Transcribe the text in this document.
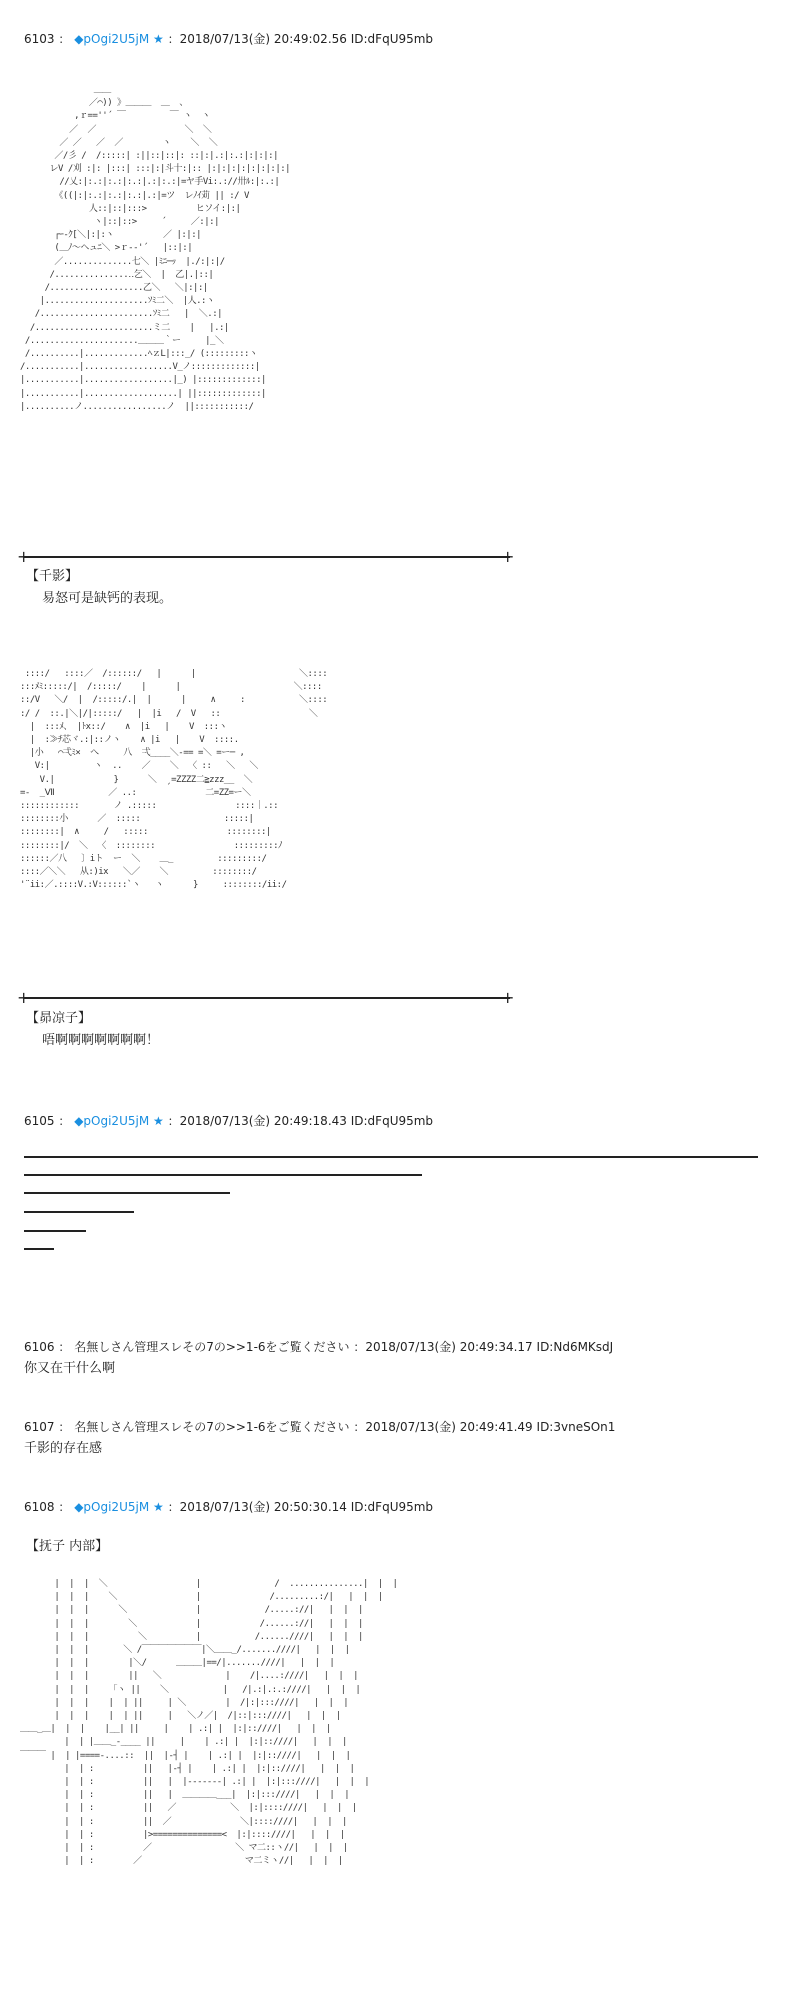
6103 ： ◆pOgi2U5jM ★ ：2018/07/13(金) 20:49:02.56 ID:dFqU95mb
＿＿
／⌒)) 》＿＿＿  ＿  、
,ｒ==''´ ￣         ￣ ヽ  ヽ
／  ／                  ＼  ＼
／ ／   ／  ／        ヽ    ＼  ＼
／/彡 /  /:::::| :||::|::|: ::|:|.:|:.:|:|:|:|
レV /刈 :|: |:::| :::|:|斗十:|:: |:|:|:|:|:|:|:|:|
//乂:|:.:|:.:|:.:|.:|:.:|=ヤ手Vi:.://卅ﾙ:|:.:|
《((|:|:.:|:.:|:.:|.:|=ツ  レﾉｲ苅 || :/ V
人::|::|:::>          ヒソイ:|:|
ヽ|::|::>     ´     ／:|:|
┌ｰ‐ｸ[＼|:|:ヽ          ／ |:|:|
(＿ﾉ～ヘュﾆ＼ >ｒ-‐'´   |::|:|
／..............七＼ |ﾐﾆ─ｯ  |./:|:|/
/...............‥乞＼  |  乙|.|::|
/...................乙＼   ＼|:|:|
|.....................ｿﾐ二＼  |人.:ヽ
/.......................ｿﾐ二   |  ＼.:|
/........................ミ二    |   |.:|
/......................＿＿＿｀ー     |_＼
/..........|.............ﾍｚL|:::_/ (:::::::::ヽ
/...........|..................V_ノ:::::::::::::|
|...........|..................|_) |:::::::::::::|
|...........|...................| ||:::::::::::::|
|..........ノ.................ノ  ||:::::::::::/
+	+
【千影】
易怒可是缺钙的表现。
::::/   ::::／  /::::::/   |      |                     ＼::::
:::ﾒﾐ:::::/|  /:::::/    |      |                       ＼::::
::/V   ＼/  |  /:::::/.|  |      |     ∧     :           ＼::::
:/ /  ::.|＼|/|:::::/   |  |i   /  V   ::                  ＼
|  :::ﾒ、 |ﾄx::/    ∧  |i   |    V  :::ヽ
|  :≫ﾁ芯ヾ.:|::ノヽ    ∧ |i   |    V  ::::.
|小   ⌒弌ﾐ×  へ     八  弌____＼-== =＼ =ー─ ,
V:|         ヽ  ..    ／    ＼  〈 ::   ＼   ＼
V.|            }      ＼  ˏ=ZZZZ二≧zzz__  ＼
=-  _Ⅶ           ／ ..:              二=ZZ=ー＼
::::::::::::       ノ .:::::                ::::｜.::
::::::::小      ／  :::::                 :::::|
::::::::|  ∧     /   :::::                ::::::::|
::::::::|/  ＼  〈  ::::::::                :::::::::ﾉ
::::::／八   〕iト  ー  ＼    ＿_         :::::::::/
::::／＼＼   从:)ix   ＼／    ＼         ::::::::/
'¨ii:／.::::V.:V::::::`ヽ   ヽ      }     ::::::::/ii:/
+	+
【昴凉子】
唔啊啊啊啊啊啊啊！
6105 ： ◆pOgi2U5jM ★ ：2018/07/13(金) 20:49:18.43 ID:dFqU95mb
6106 ： 名無しさん管理スレその7の>>1-6をご覧ください ：2018/07/13(金) 20:49:34.17 ID:Nd6MKsdJ
你又在干什么啊
6107 ： 名無しさん管理スレその7の>>1-6をご覧ください ：2018/07/13(金) 20:49:41.49 ID:3vneSOn1
千影的存在感
6108 ： ◆pOgi2U5jM ★ ：2018/07/13(金) 20:50:30.14 ID:dFqU95mb
【抚子 内部】
|  |  |  ＼                  |               /  ...............|  |  |
|  |  |    ＼                |              /.........:/|   |  |  |
|  |  |      ＼              |             /.....://|   |  |  |
|  |  |        ＼            |            /......://|   |  |  |
|  |  |          ＼          |           /......////|   |  |  |
|  |  |       ＼ /￣￣￣￣￣￣￣|＼＿＿_/.......////|   |  |  |
|  |  |        |＼/      ＿＿＿|==/|.......////|   |  |  |
|  |  |        ||   ＼             |    /|....:////|   |  |  |
|  |  |    「ヽ ||    ＼           |   /|.:|.:.:////|   |  |  |
|  |  |    |  | ||     | ＼        |  /|:|:::////|   |  |  |
|  |  |    |  | ||     |   ＼ノ／|  /|::|:::////|   |  |  |
＿＿_＿|  |  |    |__| ||     |    | .:| |  |:|::////|   |  |  |
|  | |＿＿_-____ ||     |    | .:| |  |:|::////|   |  |  |
￣￣￣ |  | |====-....::  ||  |-┤ |    | .:| |  |:|::////|   |  |  |
|  | :          ||   |-┤ |    | .:| |  |:|::////|   |  |  |
|  | :          ||   |  |-------| .:| |  |:|:::////|   |  |  |
|  | :          ||   |  ＿＿＿＿___|  |:|:::////|   |  |  |
|  | :          ||   ／           ＼  |:|::::////|   |  |  |
|  | :          ||  ／              ＼|::::////|   |  |  |
|  | :          |>==============<  |:|::::////|   |  |  |
|  | :          ／                 ＼ マ二::ヽ//|   |  |  |
|  | :        ／                     マ二ミヽ//|   |  |  |
